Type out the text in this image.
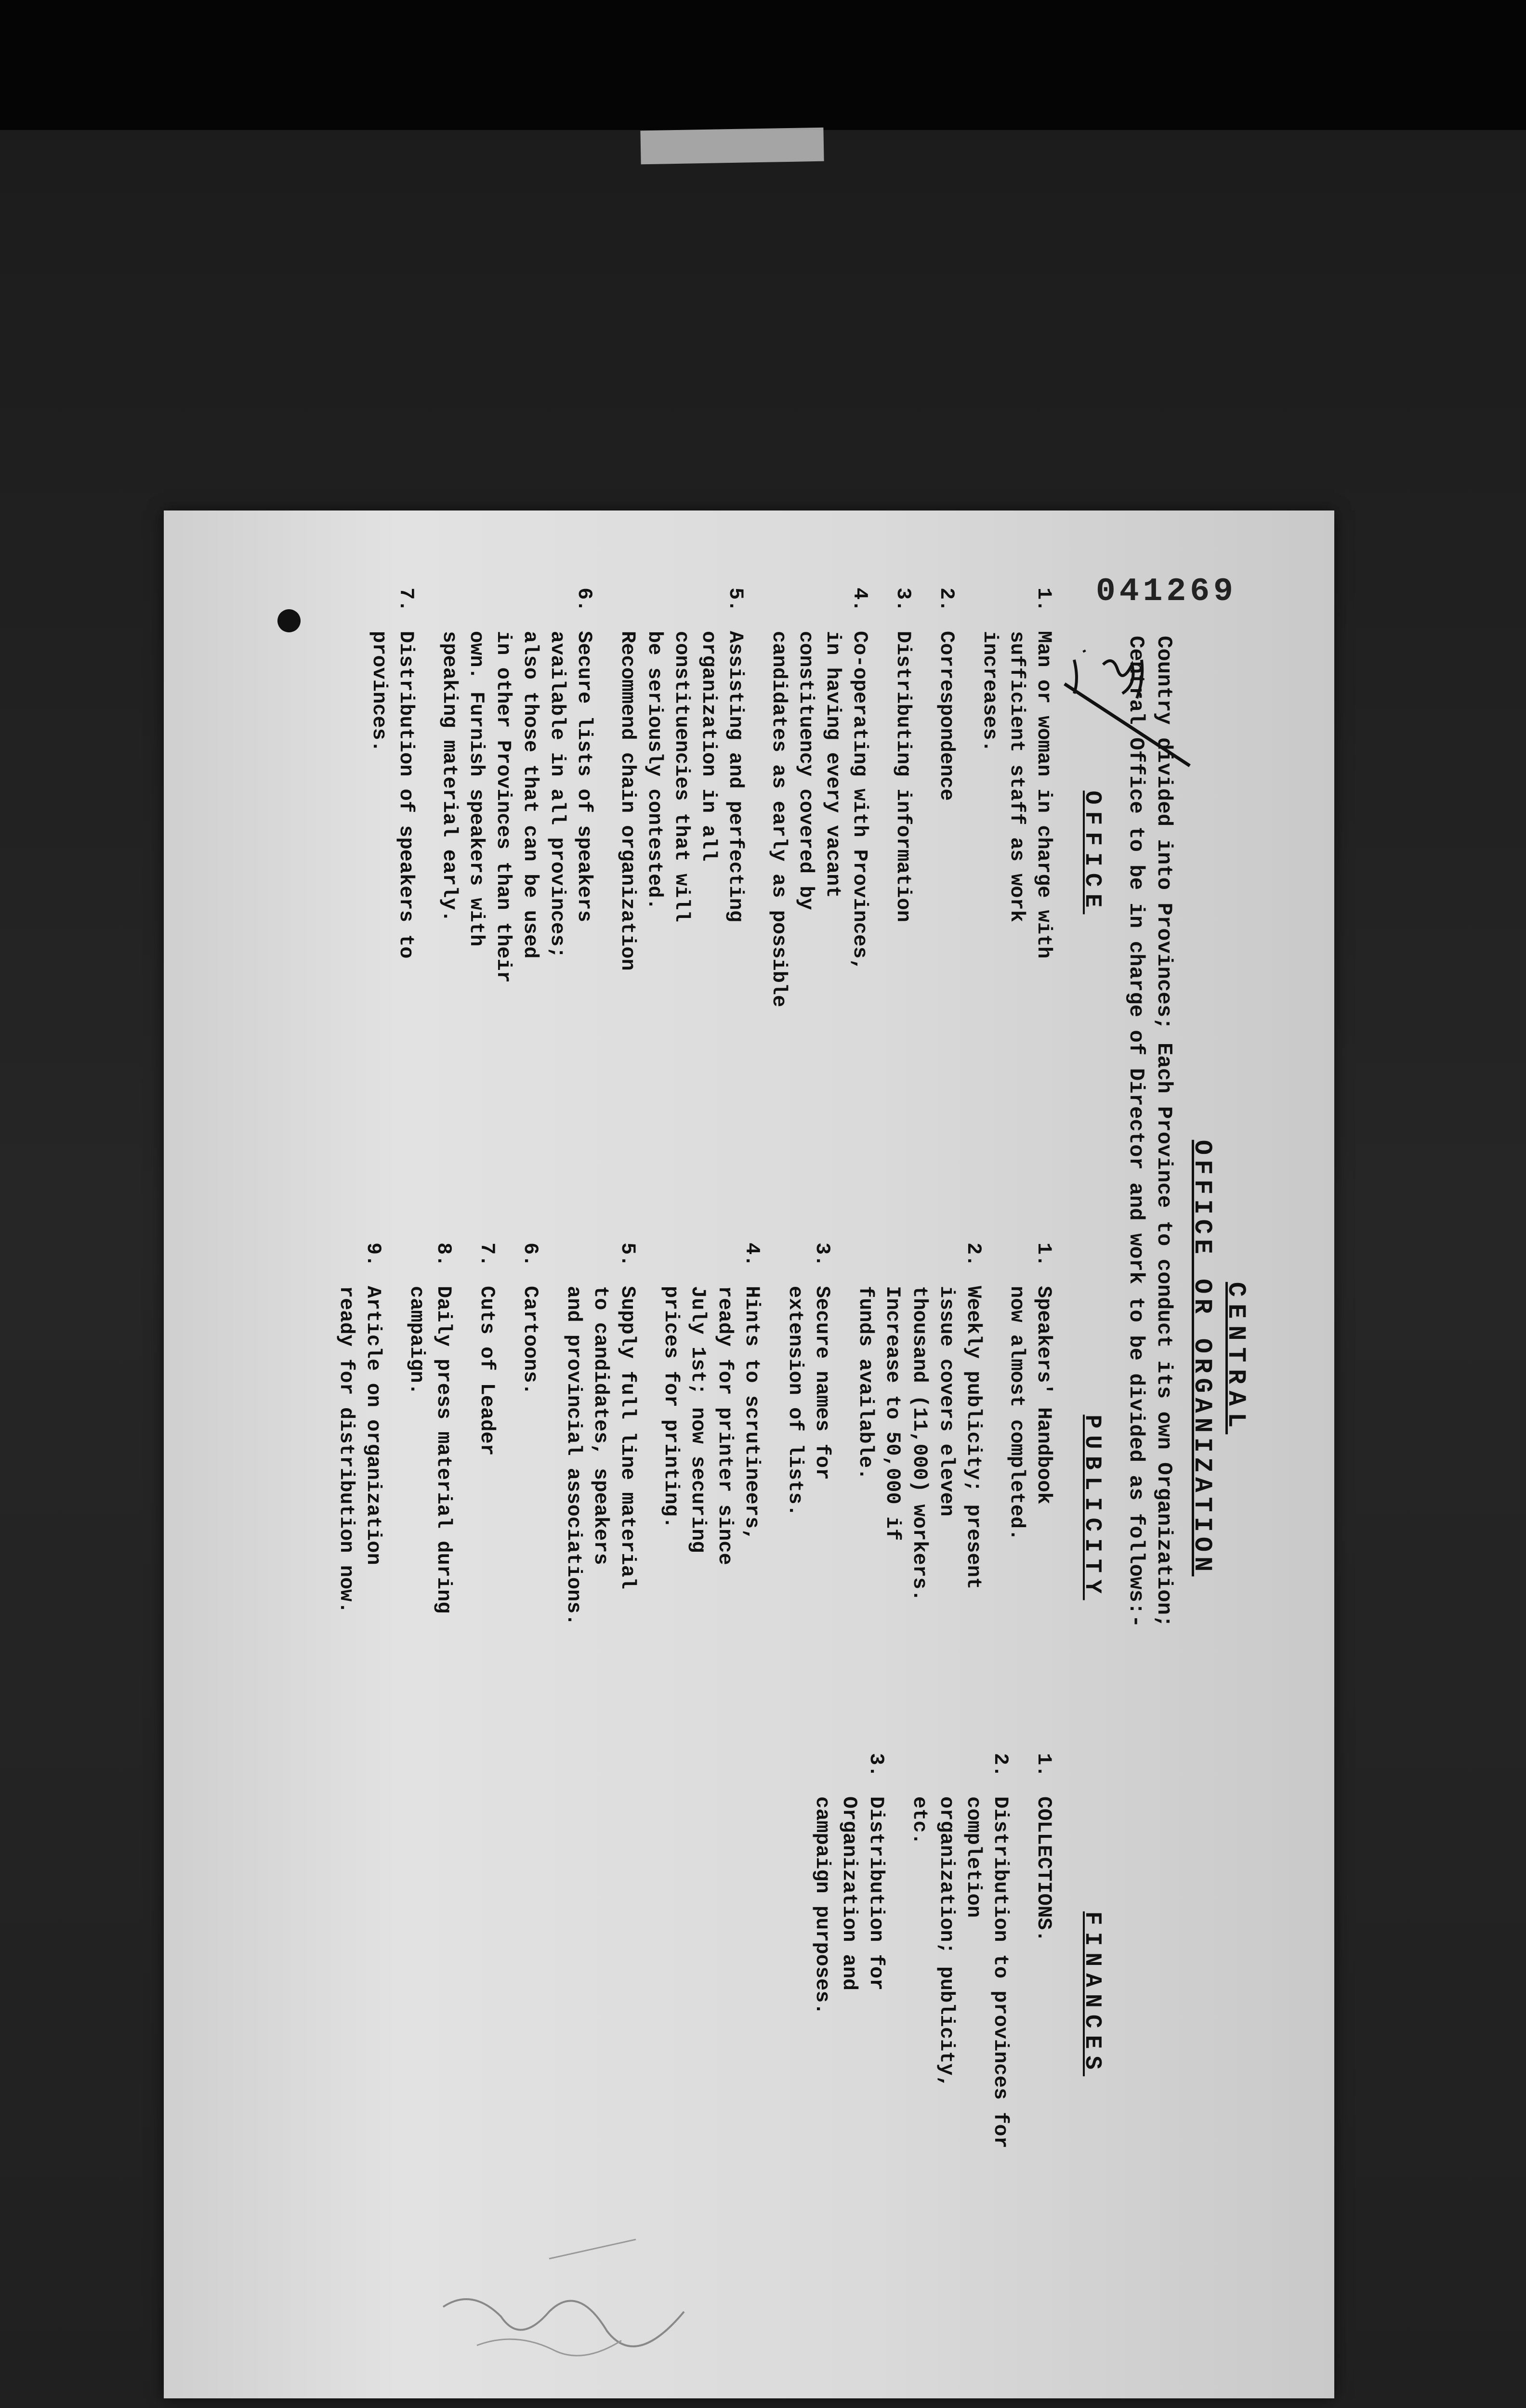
041269
CENTRAL
OFFICE OR ORGANIZATION
Country divided into Provinces; Each Province to conduct its own Organization;
Central Office to be in charge of Director and work to be divided as follows:-
OFFICE
1.
Man or woman in charge with
sufficient staff as work
increases.
2.
Correspondence
3.
Distributing information
4.
Co-operating with Provinces,
in having every vacant
constituency covered by
candidates as early as possible
5.
Assisting and perfecting
organization in all
constituencies that will
be seriously contested.
Recommend chain organization
6.
Secure lists of speakers
available in all provinces;
also those that can be used
in other Provinces than their
own. Furnish speakers with
speaking material early.
7.
Distribution of speakers to
provinces.
PUBLICITY
1.
Speakers' Handbook
now almost completed.
2.
Weekly publicity; present
issue covers eleven
thousand (11,000) workers.
Increase to 50,000 if
funds available.
3.
Secure names for
extension of lists.
4.
Hints to scrutineers,
ready for printer since
July 1st; now securing
prices for printing.
5.
Supply full line material
to candidates, speakers
and provincial associations.
6.
Cartoons.
7.
Cuts of Leader
8.
Daily press material during
campaign.
9.
Article on organization
ready for distribution now.
FINANCES
1.
COLLECTIONS.
2.
Distribution to provinces for completion
organization; publicity,
etc.
3.
Distribution for
Organization and
campaign purposes.
